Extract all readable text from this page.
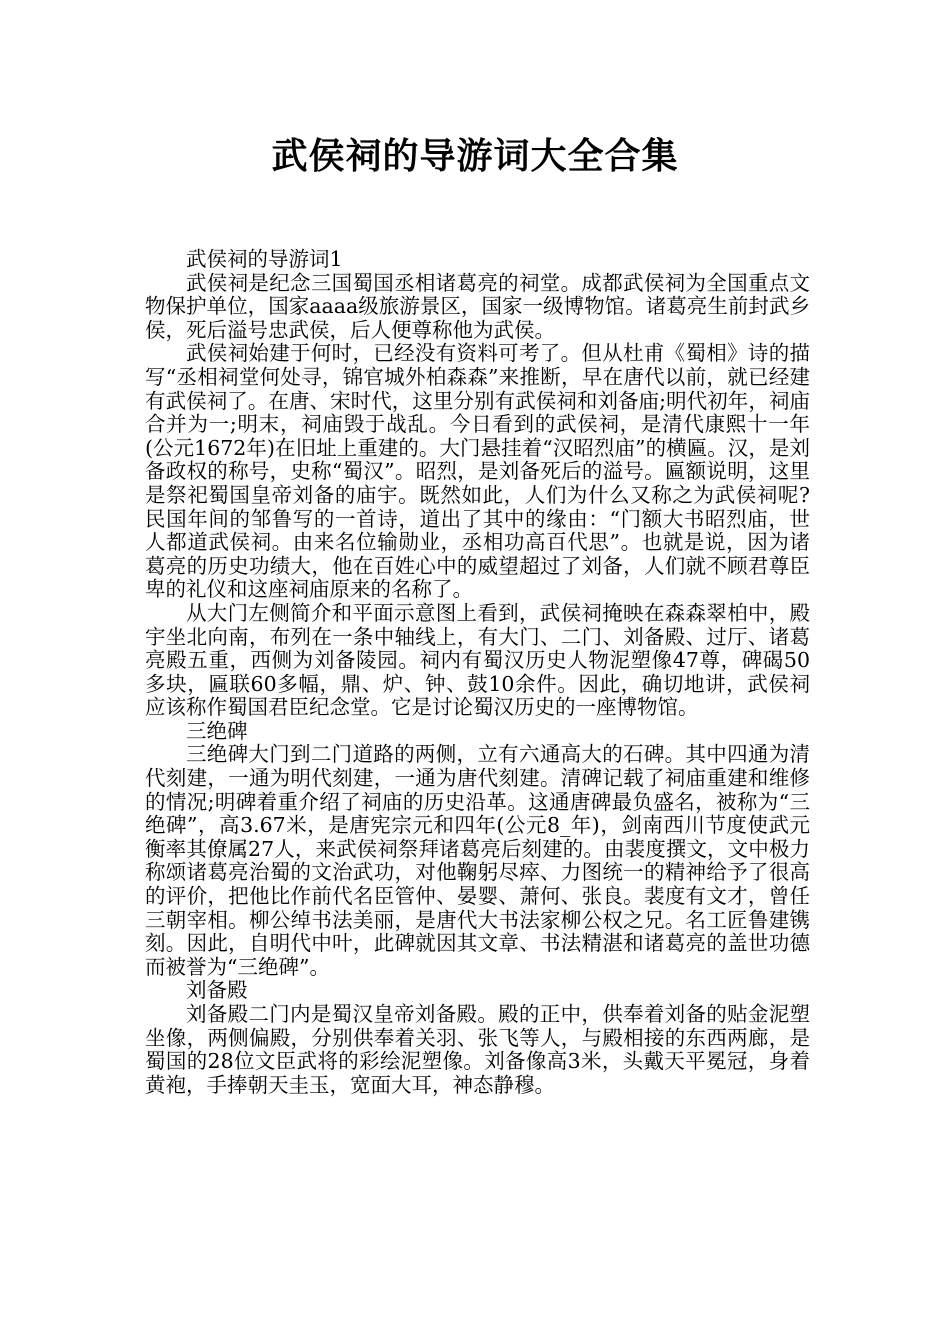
武侯祠的导游词大全合集

武侯祠的导游词1

武侯祠是纪念三国蜀国丞相诸葛亮的祠堂。成都武侯祠为全国重点文物保护单位，国家aaaa级旅游景区，国家一级博物馆。诸葛亮生前封武乡侯，死后溢号忠武侯，后人便尊称他为武侯。

武侯祠始建于何时，已经没有资料可考了。但从杜甫《蜀相》诗的描写“丞相祠堂何处寻，锦官城外柏森森”来推断，早在唐代以前，就已经建有武侯祠了。在唐、宋时代，这里分别有武侯祠和刘备庙;明代初年，祠庙合并为一;明末，祠庙毁于战乱。今日看到的武侯祠，是清代康熙十一年(公元1672年)在旧址上重建的。大门悬挂着“汉昭烈庙”的横匾。汉，是刘备政权的称号，史称“蜀汉”。昭烈，是刘备死后的溢号。匾额说明，这里是祭祀蜀国皇帝刘备的庙宇。既然如此，人们为什么又称之为武侯祠呢?民国年间的邹鲁写的一首诗，道出了其中的缘由：“门额大书昭烈庙，世人都道武侯祠。由来名位输勋业，丞相功高百代思”。也就是说，因为诸葛亮的历史功绩大，他在百姓心中的威望超过了刘备，人们就不顾君尊臣卑的礼仪和这座祠庙原来的名称了。

从大门左侧简介和平面示意图上看到，武侯祠掩映在森森翠柏中，殿宇坐北向南，布列在一条中轴线上，有大门、二门、刘备殿、过厅、诸葛亮殿五重，西侧为刘备陵园。祠内有蜀汉历史人物泥塑像47尊，碑碣50多块，匾联60多幅，鼎、炉、钟、鼓10余件。因此，确切地讲，武侯祠应该称作蜀国君臣纪念堂。它是讨论蜀汉历史的一座博物馆。

三绝碑

三绝碑大门到二门道路的两侧，立有六通高大的石碑。其中四通为清代刻建，一通为明代刻建，一通为唐代刻建。清碑记载了祠庙重建和维修的情况;明碑着重介绍了祠庙的历史沿革。这通唐碑最负盛名，被称为“三绝碑”，高3.67米，是唐宪宗元和四年(公元8_年)，剑南西川节度使武元衡率其僚属27人，来武侯祠祭拜诸葛亮后刻建的。由裴度撰文，文中极力称颂诸葛亮治蜀的文治武功，对他鞠躬尽瘁、力图统一的精神给予了很高的评价，把他比作前代名臣管仲、晏婴、萧何、张良。裴度有文才，曾任三朝宰相。柳公绰书法美丽，是唐代大书法家柳公权之兄。名工匠鲁建镌刻。因此，自明代中叶，此碑就因其文章、书法精湛和诸葛亮的盖世功德而被誉为“三绝碑”。

刘备殿

刘备殿二门内是蜀汉皇帝刘备殿。殿的正中，供奉着刘备的贴金泥塑坐像，两侧偏殿，分别供奉着关羽、张飞等人，与殿相接的东西两廊，是蜀国的28位文臣武将的彩绘泥塑像。刘备像高3米，头戴天平冕冠，身着黄袍，手捧朝天圭玉，宽面大耳，神态静穆。
